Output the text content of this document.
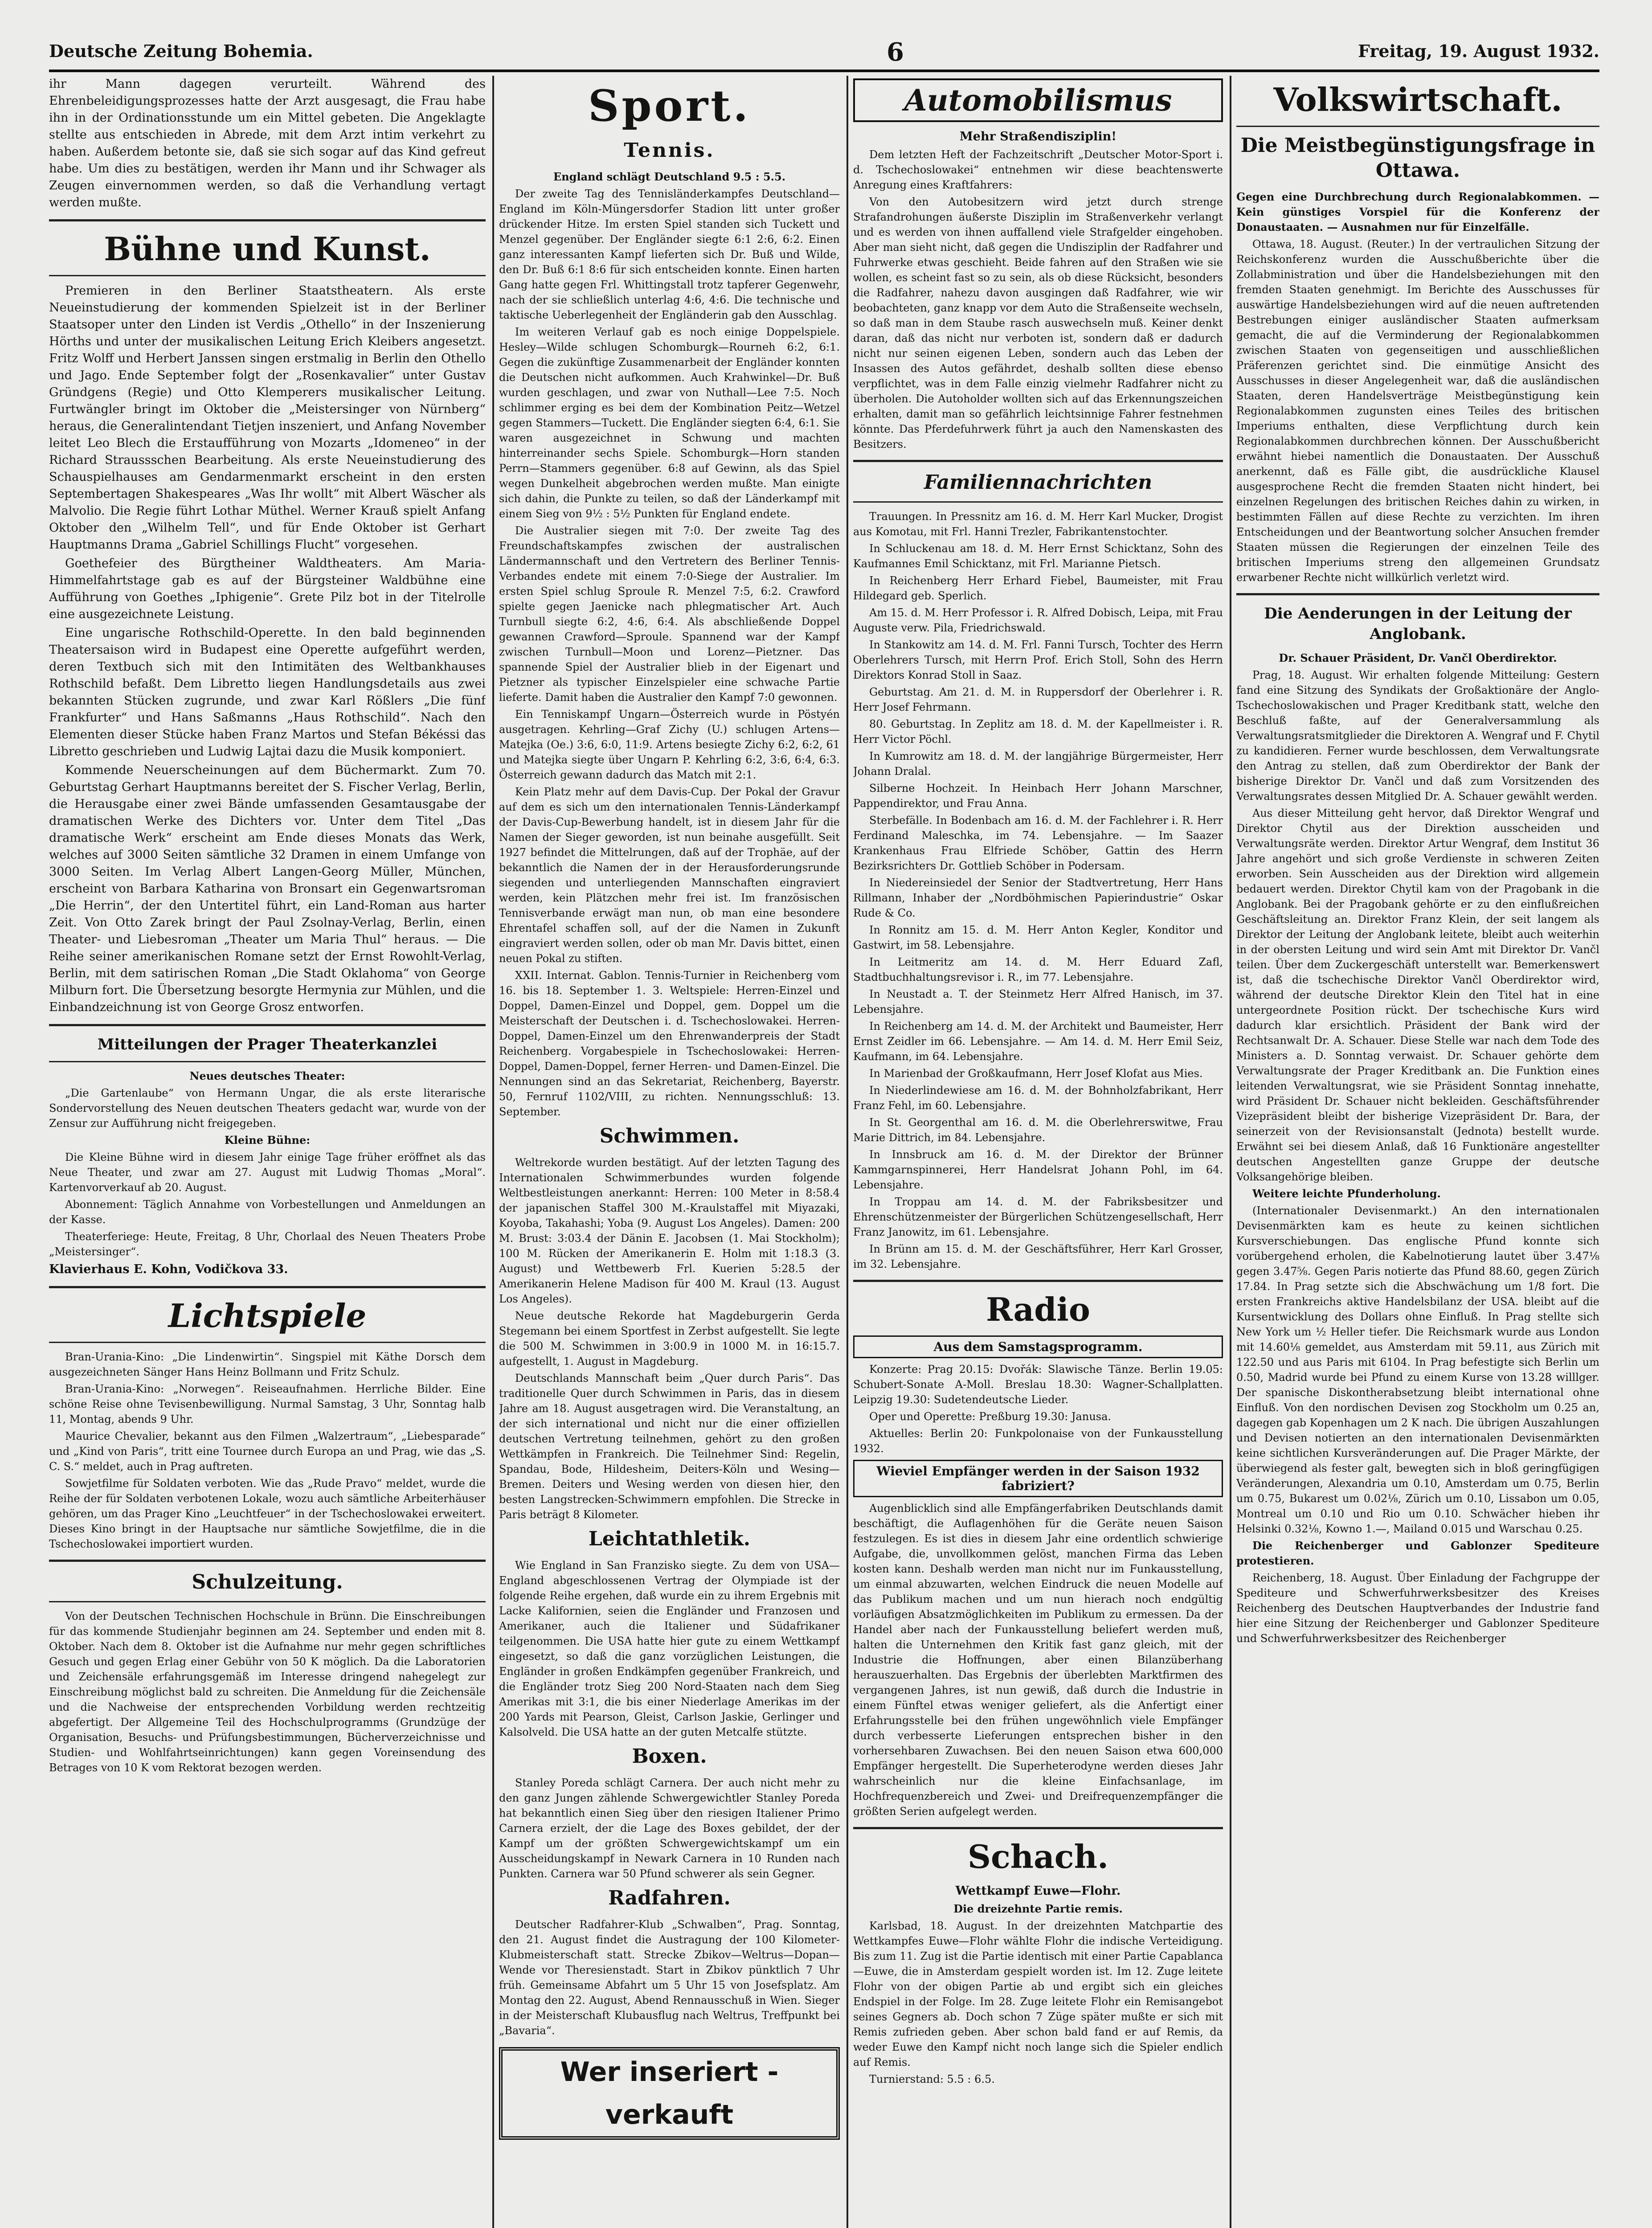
Deutsche Zeitung Bohemia.	6	Freitag, 19. August 1932.

ihr Mann dagegen verurteilt. Während des Ehrenbeleidigungsprozesses hatte der Arzt ausgesagt, die Frau habe ihn in der Ordinationsstunde um ein Mittel gebeten. Die Angeklagte stellte aus entschieden in Abrede, mit dem Arzt intim verkehrt zu haben. Außerdem betonte sie, daß sie sich sogar auf das Kind gefreut habe. Um dies zu bestätigen, werden ihr Mann und ihr Schwager als Zeugen einvernommen werden, so daß die Verhandlung vertagt werden mußte.

Bühne und Kunst.

Premieren in den Berliner Staatstheatern. Als erste Neueinstudierung der kommenden Spielzeit ist in der Berliner Staatsoper unter den Linden ist Verdis „Othello“ in der Inszenierung Hörths und unter der musikalischen Leitung Erich Kleibers angesetzt. Fritz Wolff und Herbert Janssen singen erstmalig in Berlin den Othello und Jago. Ende September folgt der „Rosenkavalier“ unter Gustav Gründgens (Regie) und Otto Klemperers musikalischer Leitung. Furtwängler bringt im Oktober die „Meistersinger von Nürnberg“ heraus, die Generalintendant Tietjen inszeniert, und Anfang November leitet Leo Blech die Erstaufführung von Mozarts „Idomeneo“ in der Richard Straussschen Bearbeitung. Als erste Neueinstudierung des Schauspielhauses am Gendarmenmarkt erscheint in den ersten Septembertagen Shakespeares „Was Ihr wollt“ mit Albert Wäscher als Malvolio. Die Regie führt Lothar Müthel. Werner Krauß spielt Anfang Oktober den „Wilhelm Tell“, und für Ende Oktober ist Gerhart Hauptmanns Drama „Gabriel Schillings Flucht“ vorgesehen.

Goethefeier des Bürgtheiner Waldtheaters. Am Maria-Himmelfahrtstage gab es auf der Bürgsteiner Waldbühne eine Aufführung von Goethes „Iphigenie“. Grete Pilz bot in der Titelrolle eine ausgezeichnete Leistung.

Eine ungarische Rothschild-Operette. In den bald beginnenden Theatersaison wird in Budapest eine Operette aufgeführt werden, deren Textbuch sich mit den Intimitäten des Weltbankhauses Rothschild befaßt. Dem Libretto liegen Handlungsdetails aus zwei bekannten Stücken zugrunde, und zwar Karl Rößlers „Die fünf Frankfurter“ und Hans Saßmanns „Haus Rothschild“. Nach den Elementen dieser Stücke haben Franz Martos und Stefan Békéssi das Libretto geschrieben und Ludwig Lajtai dazu die Musik komponiert.

Kommende Neuerscheinungen auf dem Büchermarkt. Zum 70. Geburtstag Gerhart Hauptmanns bereitet der S. Fischer Verlag, Berlin, die Herausgabe einer zwei Bände umfassenden Gesamtausgabe der dramatischen Werke des Dichters vor. Unter dem Titel „Das dramatische Werk“ erscheint am Ende dieses Monats das Werk, welches auf 3000 Seiten sämtliche 32 Dramen in einem Umfange von 3000 Seiten. Im Verlag Albert Langen-Georg Müller, München, erscheint von Barbara Katharina von Bronsart ein Gegenwartsroman „Die Herrin“, der den Untertitel führt, ein Land-Roman aus harter Zeit. Von Otto Zarek bringt der Paul Zsolnay-Verlag, Berlin, einen Theater- und Liebesroman „Theater um Maria Thul“ heraus. — Die Reihe seiner amerikanischen Romane setzt der Ernst Rowohlt-Verlag, Berlin, mit dem satirischen Roman „Die Stadt Oklahoma“ von George Milburn fort. Die Übersetzung besorgte Hermynia zur Mühlen, und die Einbandzeichnung ist von George Grosz entworfen.

Mitteilungen der Prager Theaterkanzlei

Neues deutsches Theater:

„Die Gartenlaube“ von Hermann Ungar, die als erste literarische Sondervorstellung des Neuen deutschen Theaters gedacht war, wurde von der Zensur zur Aufführung nicht freigegeben.

Kleine Bühne:

Die Kleine Bühne wird in diesem Jahr einige Tage früher eröffnet als das Neue Theater, und zwar am 27. August mit Ludwig Thomas „Moral“. Kartenvorverkauf ab 20. August.

Abonnement: Täglich Annahme von Vorbestellungen und Anmeldungen an der Kasse.

Theaterferiege: Heute, Freitag, 8 Uhr, Chorlaal des Neuen Theaters Probe „Meistersinger“.

Klavierhaus E. Kohn, Vodičkova 33.

Lichtspiele

Bran-Urania-Kino: „Die Lindenwirtin“. Singspiel mit Käthe Dorsch dem ausgezeichneten Sänger Hans Heinz Bollmann und Fritz Schulz.

Bran-Urania-Kino: „Norwegen“. Reiseaufnahmen. Herrliche Bilder. Eine schöne Reise ohne Tevisenbewilligung. Nurmal Samstag, 3 Uhr, Sonntag halb 11, Montag, abends 9 Uhr.

Maurice Chevalier, bekannt aus den Filmen „Walzertraum“, „Liebesparade“ und „Kind von Paris“, tritt eine Tournee durch Europa an und Prag, wie das „S. C. S.“ meldet, auch in Prag auftreten.

Sowjetfilme für Soldaten verboten. Wie das „Rude Pravo“ meldet, wurde die Reihe der für Soldaten verbotenen Lokale, wozu auch sämtliche Arbeiterhäuser gehören, um das Prager Kino „Leuchtfeuer“ in der Tschechoslowakei erweitert. Dieses Kino bringt in der Hauptsache nur sämtliche Sowjetfilme, die in die Tschechoslowakei importiert wurden.

Schulzeitung.

Von der Deutschen Technischen Hochschule in Brünn. Die Einschreibungen für das kommende Studienjahr beginnen am 24. September und enden mit 8. Oktober. Nach dem 8. Oktober ist die Aufnahme nur mehr gegen schriftliches Gesuch und gegen Erlag einer Gebühr von 50 K möglich. Da die Laboratorien und Zeichensäle erfahrungsgemäß im Interesse dringend nahegelegt zur Einschreibung möglichst bald zu schreiten. Die Anmeldung für die Zeichensäle und die Nachweise der entsprechenden Vorbildung werden rechtzeitig abgefertigt. Der Allgemeine Teil des Hochschulprogramms (Grundzüge der Organisation, Besuchs- und Prüfungsbestimmungen, Bücherverzeichnisse und Studien- und Wohlfahrtseinrichtungen) kann gegen Voreinsendung des Betrages von 10 K vom Rektorat bezogen werden.

Sport.
Tennis.

England schlägt Deutschland 9.5 : 5.5.

Der zweite Tag des Tennisländerkampfes Deutschland—England im Köln-Müngersdorfer Stadion litt unter großer drückender Hitze. Im ersten Spiel standen sich Tuckett und Menzel gegenüber. Der Engländer siegte 6:1 2:6, 6:2. Einen ganz interessanten Kampf lieferten sich Dr. Buß und Wilde, den Dr. Buß 6:1 8:6 für sich entscheiden konnte. Einen harten Gang hatte gegen Frl. Whittingstall trotz tapferer Gegenwehr, nach der sie schließlich unterlag 4:6, 4:6. Die technische und taktische Ueberlegenheit der Engländerin gab den Ausschlag.

Im weiteren Verlauf gab es noch einige Doppelspiele. Hesley—Wilde schlugen Schomburgk—Rourneh 6:2, 6:1. Gegen die zukünftige Zusammenarbeit der Engländer konnten die Deutschen nicht aufkommen. Auch Krahwinkel—Dr. Buß wurden geschlagen, und zwar von Nuthall—Lee 7:5. Noch schlimmer erging es bei dem der Kombination Peitz—Wetzel gegen Stammers—Tuckett. Die Engländer siegten 6:4, 6:1. Sie waren ausgezeichnet in Schwung und machten hinterreinander sechs Spiele. Schomburgk—Horn standen Perrn—Stammers gegenüber. 6:8 auf Gewinn, als das Spiel wegen Dunkelheit abgebrochen werden mußte. Man einigte sich dahin, die Punkte zu teilen, so daß der Länderkampf mit einem Sieg von 9½ : 5½ Punkten für England endete.

Die Australier siegen mit 7:0. Der zweite Tag des Freundschaftskampfes zwischen der australischen Ländermannschaft und den Vertretern des Berliner Tennis-Verbandes endete mit einem 7:0-Siege der Australier. Im ersten Spiel schlug Sproule R. Menzel 7:5, 6:2. Crawford spielte gegen Jaenicke nach phlegmatischer Art. Auch Turnbull siegte 6:2, 4:6, 6:4. Als abschließende Doppel gewannen Crawford—Sproule. Spannend war der Kampf zwischen Turnbull—Moon und Lorenz—Pietzner. Das spannende Spiel der Australier blieb in der Eigenart und Pietzner als typischer Einzelspieler eine schwache Partie lieferte. Damit haben die Australier den Kampf 7:0 gewonnen.

Ein Tenniskampf Ungarn—Österreich wurde in Pöstyén ausgetragen. Kehrling—Graf Zichy (U.) schlugen Artens—Matejka (Oe.) 3:6, 6:0, 11:9. Artens besiegte Zichy 6:2, 6:2, 61 und Matejka siegte über Ungarn P. Kehrling 6:2, 3:6, 6:4, 6:3. Österreich gewann dadurch das Match mit 2:1.

Kein Platz mehr auf dem Davis-Cup. Der Pokal der Gravur auf dem es sich um den internationalen Tennis-Länderkampf der Davis-Cup-Bewerbung handelt, ist in diesem Jahr für die Namen der Sieger geworden, ist nun beinahe ausgefüllt. Seit 1927 befindet die Mittelrungen, daß auf der Trophäe, auf der bekanntlich die Namen der in der Herausforderungsrunde siegenden und unterliegenden Mannschaften eingraviert werden, kein Plätzchen mehr frei ist. Im französischen Tennisverbande erwägt man nun, ob man eine besondere Ehrentafel schaffen soll, auf der die Namen in Zukunft eingraviert werden sollen, oder ob man Mr. Davis bittet, einen neuen Pokal zu stiften.

XXII. Internat. Gablon. Tennis-Turnier in Reichenberg vom 16. bis 18. September 1. 3. Weltspiele: Herren-Einzel und Doppel, Damen-Einzel und Doppel, gem. Doppel um die Meisterschaft der Deutschen i. d. Tschechoslowakei. Herren-Doppel, Damen-Einzel um den Ehrenwanderpreis der Stadt Reichenberg. Vorgabespiele in Tschechoslowakei: Herren-Doppel, Damen-Doppel, ferner Herren- und Damen-Einzel. Die Nennungen sind an das Sekretariat, Reichenberg, Bayerstr. 50, Fernruf 1102/VIII, zu richten. Nennungsschluß: 13. September.

Schwimmen.

Weltrekorde wurden bestätigt. Auf der letzten Tagung des Internationalen Schwimmerbundes wurden folgende Weltbestleistungen anerkannt: Herren: 100 Meter in 8:58.4 der japanischen Staffel 300 M.-Kraulstaffel mit Miyazaki, Koyoba, Takahashi; Yoba (9. August Los Angeles). Damen: 200 M. Brust: 3:03.4 der Dänin E. Jacobsen (1. Mai Stockholm); 100 M. Rücken der Amerikanerin E. Holm mit 1:18.3 (3. August) und Wettbewerb Frl. Kuerien 5:28.5 der Amerikanerin Helene Madison für 400 M. Kraul (13. August Los Angeles).

Neue deutsche Rekorde hat Magdeburgerin Gerda Stegemann bei einem Sportfest in Zerbst aufgestellt. Sie legte die 500 M. Schwimmen in 3:00.9 in 1000 M. in 16:15.7. aufgestellt, 1. August in Magdeburg.

Deutschlands Mannschaft beim „Quer durch Paris“. Das traditionelle Quer durch Schwimmen in Paris, das in diesem Jahre am 18. August ausgetragen wird. Die Veranstaltung, an der sich international und nicht nur die einer offiziellen deutschen Vertretung teilnehmen, gehört zu den großen Wettkämpfen in Frankreich. Die Teilnehmer Sind: Regelin, Spandau, Bode, Hildesheim, Deiters-Köln und Wesing—Bremen. Deiters und Wesing werden von diesen hier, den besten Langstrecken-Schwimmern empfohlen. Die Strecke in Paris beträgt 8 Kilometer.

Leichtathletik.

Wie England in San Franzisko siegte. Zu dem von USA—England abgeschlossenen Vertrag der Olympiade ist der folgende Reihe ergehen, daß wurde ein zu ihrem Ergebnis mit Lacke Kalifornien, seien die Engländer und Franzosen und Amerikaner, auch die Italiener und Südafrikaner teilgenommen. Die USA hatte hier gute zu einem Wettkampf eingesetzt, so daß die ganz vorzüglichen Leistungen, die Engländer in großen Endkämpfen gegenüber Frankreich, und die Engländer trotz Sieg 200 Nord-Staaten nach dem Sieg Amerikas mit 3:1, die bis einer Niederlage Amerikas im der 200 Yards mit Pearson, Gleist, Carlson Jaskie, Gerlinger und Kalsolveld. Die USA hatte an der guten Metcalfe stützte.

Boxen.

Stanley Poreda schlägt Carnera. Der auch nicht mehr zu den ganz Jungen zählende Schwergewichtler Stanley Poreda hat bekanntlich einen Sieg über den riesigen Italiener Primo Carnera erzielt, der die Lage des Boxes gebildet, der der Kampf um der größten Schwergewichtskampf um ein Ausscheidungskampf in Newark Carnera in 10 Runden nach Punkten. Carnera war 50 Pfund schwerer als sein Gegner.

Radfahren.

Deutscher Radfahrer-Klub „Schwalben“, Prag. Sonntag, den 21. August findet die Austragung der 100 Kilometer-Klubmeisterschaft statt. Strecke Zbikov—Weltrus—Dopan—Wende vor Theresienstadt. Start in Zbikov pünktlich 7 Uhr früh. Gemeinsame Abfahrt um 5 Uhr 15 von Josefsplatz. Am Montag den 22. August, Abend Rennausschuß in Wien. Sieger in der Meisterschaft Klubausflug nach Weltrus, Treffpunkt bei „Bavaria“.

Wer inseriert - verkauft
Automobilismus

Mehr Straßendisziplin!

Dem letzten Heft der Fachzeitschrift „Deutscher Motor-Sport i. d. Tschechoslowakei“ entnehmen wir diese beachtenswerte Anregung eines Kraftfahrers:

Von den Autobesitzern wird jetzt durch strenge Strafandrohungen äußerste Disziplin im Straßenverkehr verlangt und es werden von ihnen auffallend viele Strafgelder eingehoben. Aber man sieht nicht, daß gegen die Undisziplin der Radfahrer und Fuhrwerke etwas geschieht. Beide fahren auf den Straßen wie sie wollen, es scheint fast so zu sein, als ob diese Rücksicht, besonders die Radfahrer, nahezu davon ausgingen daß Radfahrer, wie wir beobachteten, ganz knapp vor dem Auto die Straßenseite wechseln, so daß man in dem Staube rasch auswechseln muß. Keiner denkt daran, daß das nicht nur verboten ist, sondern daß er dadurch nicht nur seinen eigenen Leben, sondern auch das Leben der Insassen des Autos gefährdet, deshalb sollten diese ebenso verpflichtet, was in dem Falle einzig vielmehr Radfahrer nicht zu überholen. Die Autoholder wollten sich auf das Erkennungszeichen erhalten, damit man so gefährlich leichtsinnige Fahrer festnehmen könnte. Das Pferdefuhrwerk führt ja auch den Namenskasten des Besitzers.

Familiennachrichten

Trauungen. In Pressnitz am 16. d. M. Herr Karl Mucker, Drogist aus Komotau, mit Frl. Hanni Trezler, Fabrikantenstochter.

In Schluckenau am 18. d. M. Herr Ernst Schicktanz, Sohn des Kaufmannes Emil Schicktanz, mit Frl. Marianne Pietsch.

In Reichenberg Herr Erhard Fiebel, Baumeister, mit Frau Hildegard geb. Sperlich.

Am 15. d. M. Herr Professor i. R. Alfred Dobisch, Leipa, mit Frau Auguste verw. Pila, Friedrichswald.

In Stankowitz am 14. d. M. Frl. Fanni Tursch, Tochter des Herrn Oberlehrers Tursch, mit Herrn Prof. Erich Stoll, Sohn des Herrn Direktors Konrad Stoll in Saaz.

Geburtstag. Am 21. d. M. in Ruppersdorf der Oberlehrer i. R. Herr Josef Fehrmann.

80. Geburtstag. In Zeplitz am 18. d. M. der Kapellmeister i. R. Herr Victor Pöchl.

In Kumrowitz am 18. d. M. der langjährige Bürgermeister, Herr Johann Dralal.

Silberne Hochzeit. In Heinbach Herr Johann Marschner, Pappendirektor, und Frau Anna.

Sterbefälle. In Bodenbach am 16. d. M. der Fachlehrer i. R. Herr Ferdinand Maleschka, im 74. Lebensjahre. — Im Saazer Krankenhaus Frau Elfriede Schöber, Gattin des Herrn Bezirksrichters Dr. Gottlieb Schöber in Podersam.

In Niedereinsiedel der Senior der Stadtvertretung, Herr Hans Rillmann, Inhaber der „Nordböhmischen Papierindustrie“ Oskar Rude & Co.

In Ronnitz am 15. d. M. Herr Anton Kegler, Konditor und Gastwirt, im 58. Lebensjahre.

In Leitmeritz am 14. d. M. Herr Eduard Zafl, Stadtbuchhaltungsrevisor i. R., im 77. Lebensjahre.

In Neustadt a. T. der Steinmetz Herr Alfred Hanisch, im 37. Lebensjahre.

In Reichenberg am 14. d. M. der Architekt und Baumeister, Herr Ernst Zeidler im 66. Lebensjahre. — Am 14. d. M. Herr Emil Seiz, Kaufmann, im 64. Lebensjahre.

In Marienbad der Großkaufmann, Herr Josef Klofat aus Mies.

In Niederlindewiese am 16. d. M. der Bohnholzfabrikant, Herr Franz Fehl, im 60. Lebensjahre.

In St. Georgenthal am 16. d. M. die Oberlehrerswitwe, Frau Marie Dittrich, im 84. Lebensjahre.

In Innsbruck am 16. d. M. der Direktor der Brünner Kammgarnspinnerei, Herr Handelsrat Johann Pohl, im 64. Lebensjahre.

In Troppau am 14. d. M. der Fabriksbesitzer und Ehrenschützenmeister der Bürgerlichen Schützengesellschaft, Herr Franz Janowitz, im 61. Lebensjahre.

In Brünn am 15. d. M. der Geschäftsführer, Herr Karl Grosser, im 32. Lebensjahre.

Radio
Aus dem Samstagsprogramm.

Konzerte: Prag 20.15: Dvořák: Slawische Tänze. Berlin 19.05: Schubert-Sonate A-Moll. Breslau 18.30: Wagner-Schallplatten. Leipzig 19.30: Sudetendeutsche Lieder.

Oper und Operette: Preßburg 19.30: Janusa.

Aktuelles: Berlin 20: Funkpolonaise von der Funkausstellung 1932.

Wieviel Empfänger werden in der Saison 1932 fabriziert?

Augenblicklich sind alle Empfängerfabriken Deutschlands damit beschäftigt, die Auflagenhöhen für die Geräte neuen Saison festzulegen. Es ist dies in diesem Jahr eine ordentlich schwierige Aufgabe, die, unvollkommen gelöst, manchen Firma das Leben kosten kann. Deshalb werden man nicht nur im Funkausstellung, um einmal abzuwarten, welchen Eindruck die neuen Modelle auf das Publikum machen und um nun hierach noch endgültig vorläufigen Absatzmöglichkeiten im Publikum zu ermessen. Da der Handel aber nach der Funkausstellung beliefert werden muß, halten die Unternehmen den Kritik fast ganz gleich, mit der Industrie die Hoffnungen, aber einen Bilanzüberhang herauszuerhalten. Das Ergebnis der überlebten Marktfirmen des vergangenen Jahres, ist nun gewiß, daß durch die Industrie in einem Fünftel etwas weniger geliefert, als die Anfertigt einer Erfahrungsstelle bei den frühen ungewöhnlich viele Empfänger durch verbesserte Lieferungen entsprechen bisher in den vorhersehbaren Zuwachsen. Bei den neuen Saison etwa 600,000 Empfänger hergestellt. Die Superheterodyne werden dieses Jahr wahrscheinlich nur die kleine Einfachsanlage, im Hochfrequenzbereich und Zwei- und Dreifrequenzempfänger die größten Serien aufgelegt werden.

Schach.

Wettkampf Euwe—Flohr.

Die dreizehnte Partie remis.

Karlsbad, 18. August. In der dreizehnten Matchpartie des Wettkampfes Euwe—Flohr wählte Flohr die indische Verteidigung. Bis zum 11. Zug ist die Partie identisch mit einer Partie Capablanca—Euwe, die in Amsterdam gespielt worden ist. Im 12. Zuge leitete Flohr von der obigen Partie ab und ergibt sich ein gleiches Endspiel in der Folge. Im 28. Zuge leitete Flohr ein Remisangebot seines Gegners ab. Doch schon 7 Züge später mußte er sich mit Remis zufrieden geben. Aber schon bald fand er auf Remis, da weder Euwe den Kampf nicht noch lange sich die Spieler endlich auf Remis.

Turnierstand: 5.5 : 6.5.

Volkswirtschaft.
Die Meistbegünstigungsfrage in Ottawa.

Gegen eine Durchbrechung durch Regionalabkommen. — Kein günstiges Vorspiel für die Konferenz der Donaustaaten. — Ausnahmen nur für Einzelfälle.

Ottawa, 18. August. (Reuter.) In der vertraulichen Sitzung der Reichskonferenz wurden die Ausschußberichte über die Zollabministration und über die Handelsbeziehungen mit den fremden Staaten genehmigt. Im Berichte des Ausschusses für auswärtige Handelsbeziehungen wird auf die neuen auftretenden Bestrebungen einiger ausländischer Staaten aufmerksam gemacht, die auf die Verminderung der Regionalabkommen zwischen Staaten von gegenseitigen und ausschließlichen Präferenzen gerichtet sind. Die einmütige Ansicht des Ausschusses in dieser Angelegenheit war, daß die ausländischen Staaten, deren Handelsverträge Meistbegünstigung kein Regionalabkommen zugunsten eines Teiles des britischen Imperiums enthalten, diese Verpflichtung durch kein Regionalabkommen durchbrechen können. Der Ausschußbericht erwähnt hiebei namentlich die Donaustaaten. Der Ausschuß anerkennt, daß es Fälle gibt, die ausdrückliche Klausel ausgesprochene Recht die fremden Staaten nicht hindert, bei einzelnen Regelungen des britischen Reiches dahin zu wirken, in bestimmten Fällen auf diese Rechte zu verzichten. Im ihren Entscheidungen und der Beantwortung solcher Ansuchen fremder Staaten müssen die Regierungen der einzelnen Teile des britischen Imperiums streng den allgemeinen Grundsatz erwarbener Rechte nicht willkürlich verletzt wird.

Die Aenderungen in der Leitung der Anglobank.

Dr. Schauer Präsident, Dr. Vančl Oberdirektor.

Prag, 18. August. Wir erhalten folgende Mitteilung: Gestern fand eine Sitzung des Syndikats der Großaktionäre der Anglo-Tschechoslowakischen und Prager Kreditbank statt, welche den Beschluß faßte, auf der Generalversammlung als Verwaltungsratsmitglieder die Direktoren A. Wengraf und F. Chytil zu kandidieren. Ferner wurde beschlossen, dem Verwaltungsrate den Antrag zu stellen, daß zum Oberdirektor der Bank der bisherige Direktor Dr. Vančl und daß zum Vorsitzenden des Verwaltungsrates dessen Mitglied Dr. A. Schauer gewählt werden.

Aus dieser Mitteilung geht hervor, daß Direktor Wengraf und Direktor Chytil aus der Direktion ausscheiden und Verwaltungsräte werden. Direktor Artur Wengraf, dem Institut 36 Jahre angehört und sich große Verdienste in schweren Zeiten erworben. Sein Ausscheiden aus der Direktion wird allgemein bedauert werden. Direktor Chytil kam von der Pragobank in die Anglobank. Bei der Pragobank gehörte er zu den einflußreichen Geschäftsleitung an. Direktor Franz Klein, der seit langem als Direktor der Leitung der Anglobank leitete, bleibt auch weiterhin in der obersten Leitung und wird sein Amt mit Direktor Dr. Vančl teilen. Über dem Zuckergeschäft unterstellt war. Bemerkenswert ist, daß die tschechische Direktor Vančl Oberdirektor wird, während der deutsche Direktor Klein den Titel hat in eine untergeordnete Position rückt. Der tschechische Kurs wird dadurch klar ersichtlich. Präsident der Bank wird der Rechtsanwalt Dr. A. Schauer. Diese Stelle war nach dem Tode des Ministers a. D. Sonntag verwaist. Dr. Schauer gehörte dem Verwaltungsrate der Prager Kreditbank an. Die Funktion eines leitenden Verwaltungsrat, wie sie Präsident Sonntag innehatte, wird Präsident Dr. Schauer nicht bekleiden. Geschäftsführender Vizepräsident bleibt der bisherige Vizepräsident Dr. Bara, der seinerzeit von der Revisionsanstalt (Jednota) bestellt wurde. Erwähnt sei bei diesem Anlaß, daß 16 Funktionäre angestellter deutschen Angestellten ganze Gruppe der deutsche Volksangehörige bleiben.

Weitere leichte Pfunderholung.

(Internationaler Devisenmarkt.) An den internationalen Devisenmärkten kam es heute zu keinen sichtlichen Kursverschiebungen. Das englische Pfund konnte sich vorübergehend erholen, die Kabelnotierung lautet über 3.47⅛ gegen 3.47⅝. Gegen Paris notierte das Pfund 88.60, gegen Zürich 17.84. In Prag setzte sich die Abschwächung um 1/8 fort. Die ersten Frankreichs aktive Handelsbilanz der USA. bleibt auf die Kursentwicklung des Dollars ohne Einfluß. In Prag stellte sich New York um ½ Heller tiefer. Die Reichsmark wurde aus London mit 14.60⅛ gemeldet, aus Amsterdam mit 59.11, aus Zürich mit 122.50 und aus Paris mit 6104. In Prag befestigte sich Berlin um 0.50, Madrid wurde bei Pfund zu einem Kurse von 13.28 willlger. Der spanische Diskontherabsetzung bleibt international ohne Einfluß. Von den nordischen Devisen zog Stockholm um 0.25 an, dagegen gab Kopenhagen um 2 K nach. Die übrigen Auszahlungen und Devisen notierten an den internationalen Devisenmärkten keine sichtlichen Kursveränderungen auf. Die Prager Märkte, der überwiegend als fester galt, bewegten sich in bloß geringfügigen Veränderungen, Alexandria um 0.10, Amsterdam um 0.75, Berlin um 0.75, Bukarest um 0.02⅛, Zürich um 0.10, Lissabon um 0.05, Montreal um 0.10 und Rio um 0.10. Schwächer hieben ihr Helsinki 0.32⅛, Kowno 1.—, Mailand 0.015 und Warschau 0.25.

Die Reichenberger und Gablonzer Spediteure protestieren.

Reichenberg, 18. August. Über Einladung der Fachgruppe der Spediteure und Schwerfuhrwerksbesitzer des Kreises Reichenberg des Deutschen Hauptverbandes der Industrie fand hier eine Sitzung der Reichenberger und Gablonzer Spediteure und Schwerfuhrwerksbesitzer des Reichenberger
